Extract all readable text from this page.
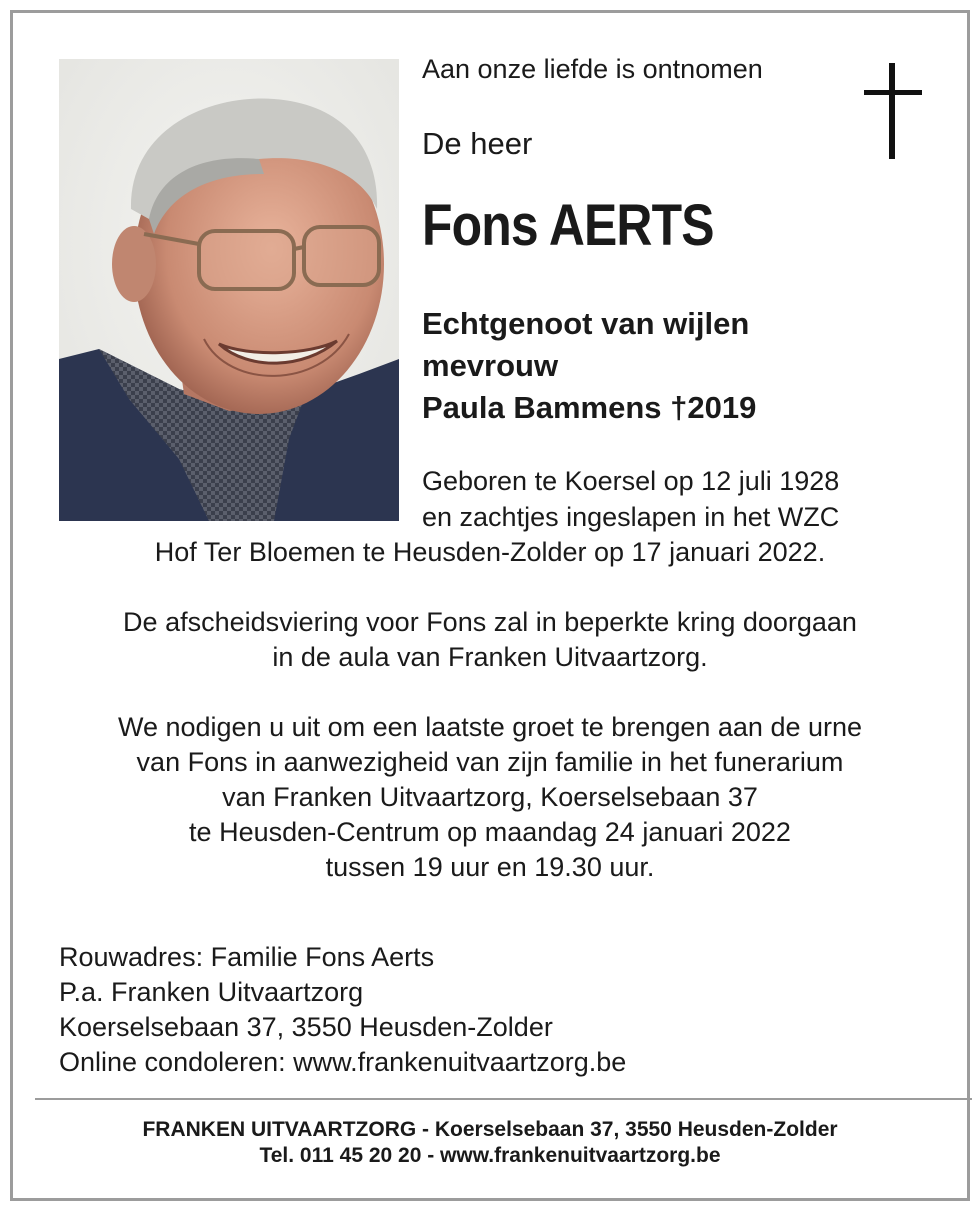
Aan onze liefde is ontnomen
De heer
Fons AERTS
Echtgenoot van wijlen
mevrouw
Paula Bammens †2019
Geboren te Koersel op 12 juli 1928
en zachtjes ingeslapen in het WZC
Hof Ter Bloemen te Heusden-Zolder op 17 januari 2022.
De afscheidsviering voor Fons zal in beperkte kring doorgaan
in de aula van Franken Uitvaartzorg.
We nodigen u uit om een laatste groet te brengen aan de urne
van Fons in aanwezigheid van zijn familie in het funerarium
van Franken Uitvaartzorg, Koerselsebaan 37
te Heusden-Centrum op maandag 24 januari 2022
tussen 19 uur en 19.30 uur.
Rouwadres: Familie Fons Aerts
P.a. Franken Uitvaartzorg
Koerselsebaan 37, 3550 Heusden-Zolder
Online condoleren: www.frankenuitvaartzorg.be
FRANKEN UITVAARTZORG - Koerselsebaan 37, 3550 Heusden-Zolder
Tel. 011 45 20 20 - www.frankenuitvaartzorg.be
